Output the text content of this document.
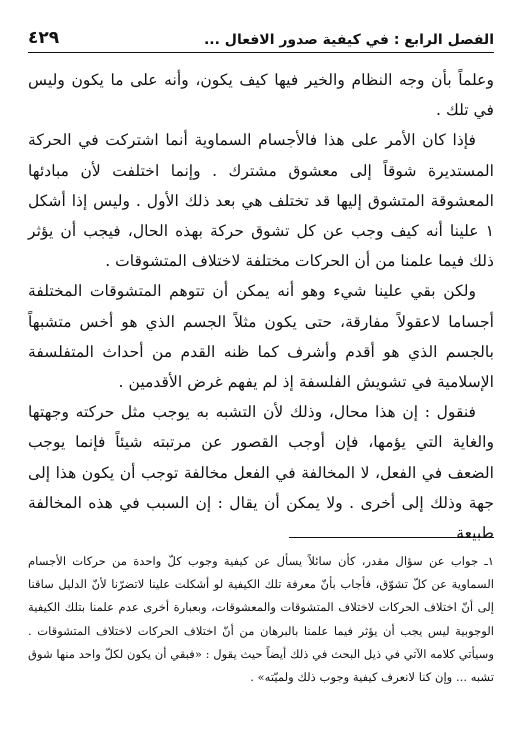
الفصل الرابع : في كيفية صدور الافعال ...
٤٢٩

وعلماً بأن وجه النظام والخير فيها كيف يكون، وأنه على ما يكون وليس في تلك .

فإذا كان الأمر على هذا فالأجسام السماوية أنما اشتركت في الحركة المستديرة شوقاً إلى معشوق مشترك . وإنما اختلفت لأن مبادئها المعشوقة المتشوق إليها قد تختلف هي بعد ذلك الأول . وليس إذا أشكل ١ علينا أنه كيف وجب عن كل تشوق حركة بهذه الحال، فيجب أن يؤثر ذلك فيما علمنا من أن الحركات مختلفة لاختلاف المتشوقات .

ولكن بقي علينا شيء وهو أنه يمكن أن تتوهم المتشوقات المختلفة أجساما لاعقولاً مفارقة، حتى يكون مثلاً الجسم الذي هو أخس متشبهاً بالجسم الذي هو أقدم وأشرف كما ظنه القدم من أحداث المتفلسفة الإسلامية في تشويش الفلسفة إذ لم يفهم غرض الأقدمين .

فنقول : إن هذا محال، وذلك لأن التشبه به يوجب مثل حركته وجهتها والغاية التي يؤمها، فإن أوجب القصور عن مرتبته شيئاً فإنما يوجب الضعف في الفعل، لا المخالفة في الفعل مخالفة توجب أن يكون هذا إلى جهة وذلك إلى أخرى . ولا يمكن أن يقال : إن السبب في هذه المخالفة طبيعة

١ـ جواب عن سؤال مقدر، كأن سائلاً يسأل عن كيفية وجوب كلّ واحدة من حركات الأجسام السماوية عن كلّ تشوّق، فأجاب بأنّ معرفة تلك الكيفية لو أشكلت علينا لاتضرّنا لأنّ الدليل ساقنا إلى أنّ اختلاف الحركات لاختلاف المتشوقات والمعشوقات، وبعبارة أخرى عدم علمنا بتلك الكيفية الوجوبية ليس يجب أن يؤثر فيما علمنا بالبرهان من أنّ اختلاف الحركات لاختلاف المتشوقات . وسيأتي كلامه الآتي في ذيل البحث في ذلك أيضاً حيث يقول : «فبقي أن يكون لكلّ واحد منها شوق تشبه ... وإن كنا لانعرف كيفية وجوب ذلك ولميّته» .
